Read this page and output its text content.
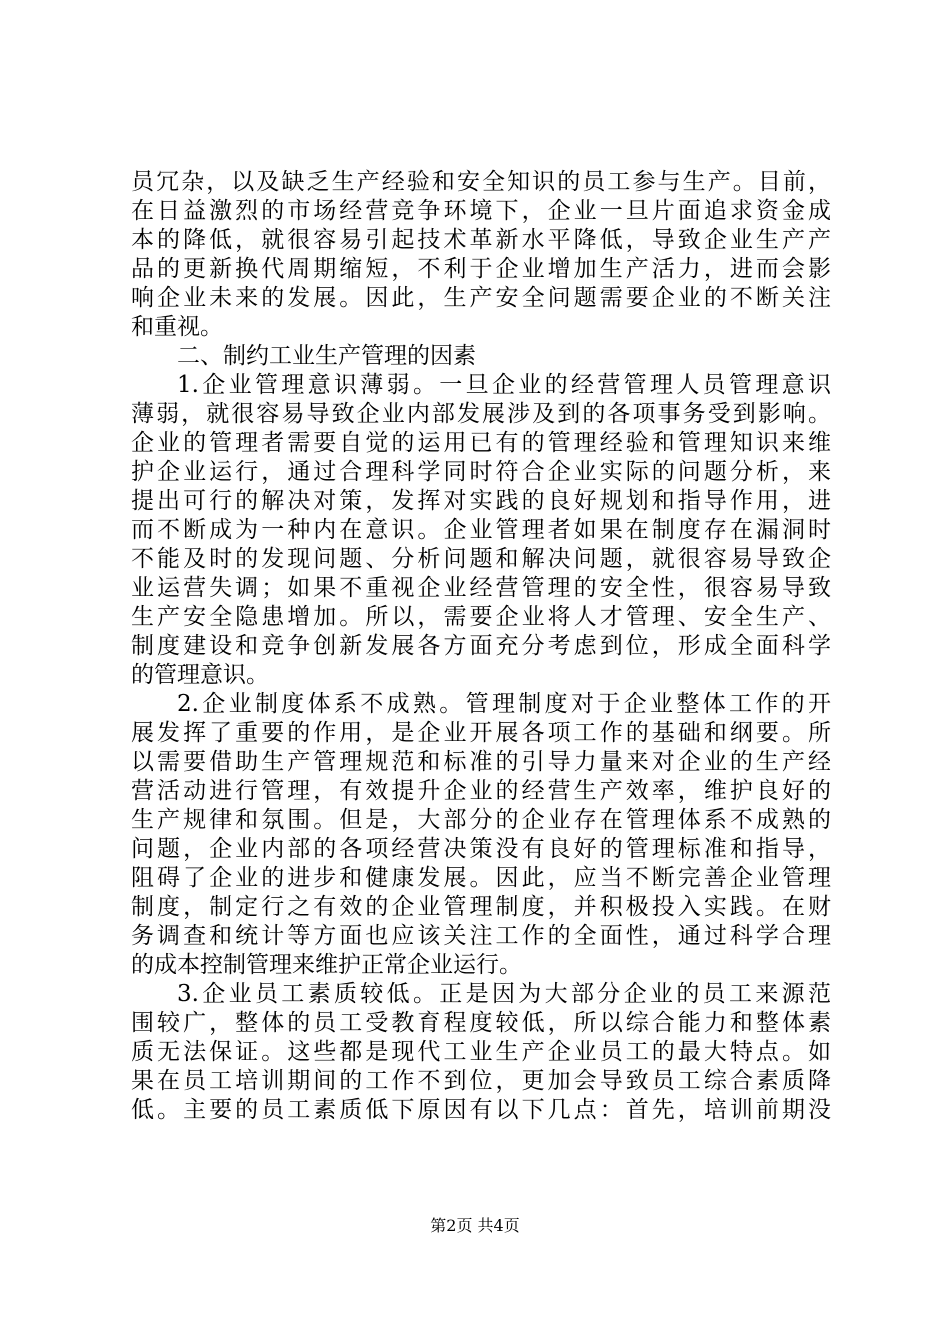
员冗杂，以及缺乏生产经验和安全知识的员工参与生产。目前，
在日益激烈的市场经营竞争环境下，企业一旦片面追求资金成
本的降低，就很容易引起技术革新水平降低，导致企业生产产
品的更新换代周期缩短，不利于企业增加生产活力，进而会影
响企业未来的发展。因此，生产安全问题需要企业的不断关注
和重视。
二、制约工业生产管理的因素
1.企业管理意识薄弱。一旦企业的经营管理人员管理意识
薄弱，就很容易导致企业内部发展涉及到的各项事务受到影响。
企业的管理者需要自觉的运用已有的管理经验和管理知识来维
护企业运行，通过合理科学同时符合企业实际的问题分析，来
提出可行的解决对策，发挥对实践的良好规划和指导作用，进
而不断成为一种内在意识。企业管理者如果在制度存在漏洞时
不能及时的发现问题、分析问题和解决问题，就很容易导致企
业运营失调；如果不重视企业经营管理的安全性，很容易导致
生产安全隐患增加。所以，需要企业将人才管理、安全生产、
制度建设和竞争创新发展各方面充分考虑到位，形成全面科学
的管理意识。
2.企业制度体系不成熟。管理制度对于企业整体工作的开
展发挥了重要的作用，是企业开展各项工作的基础和纲要。所
以需要借助生产管理规范和标准的引导力量来对企业的生产经
营活动进行管理，有效提升企业的经营生产效率，维护良好的
生产规律和氛围。但是，大部分的企业存在管理体系不成熟的
问题，企业内部的各项经营决策没有良好的管理标准和指导，
阻碍了企业的进步和健康发展。因此，应当不断完善企业管理
制度，制定行之有效的企业管理制度，并积极投入实践。在财
务调查和统计等方面也应该关注工作的全面性，通过科学合理
的成本控制管理来维护正常企业运行。
3.企业员工素质较低。正是因为大部分企业的员工来源范
围较广，整体的员工受教育程度较低，所以综合能力和整体素
质无法保证。这些都是现代工业生产企业员工的最大特点。如
果在员工培训期间的工作不到位，更加会导致员工综合素质降
低。主要的员工素质低下原因有以下几点：首先，培训前期没
第2页 共4页
